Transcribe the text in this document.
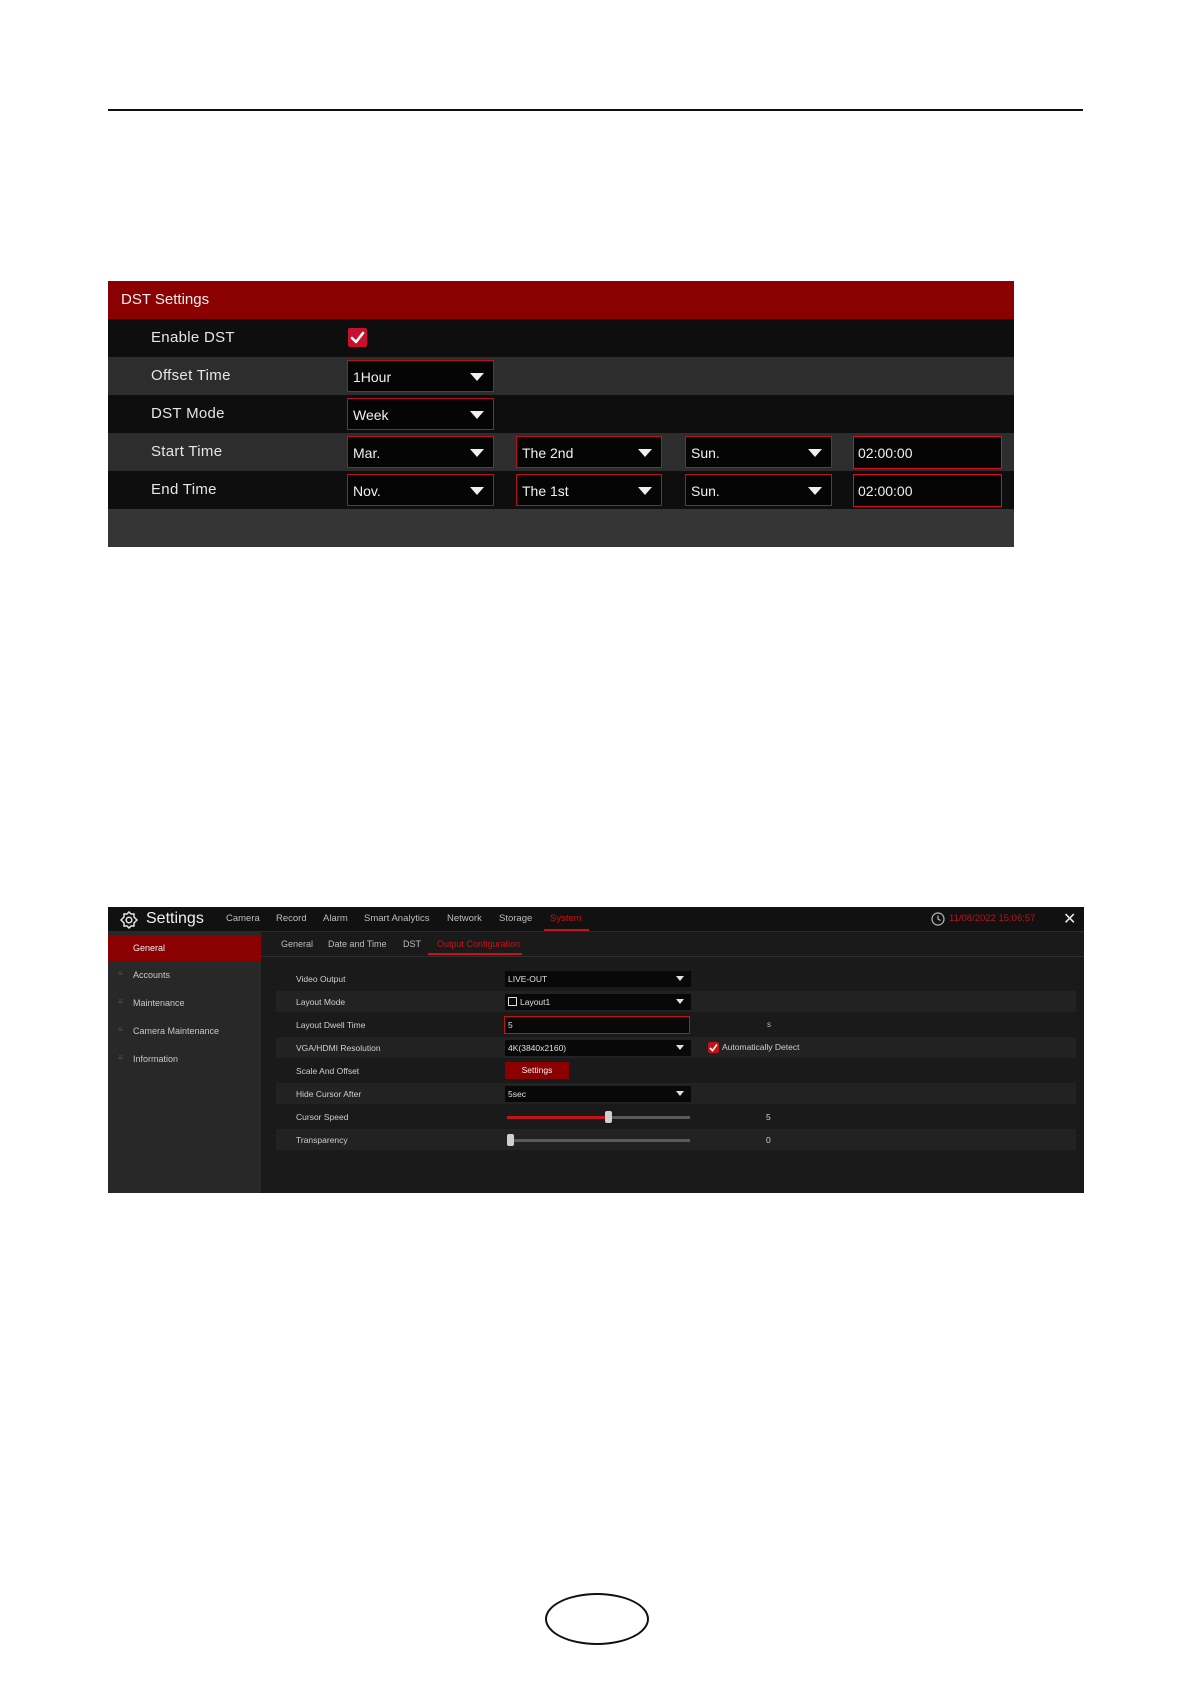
DST Settings
Enable DST
Offset Time	1Hour
DST Mode	Week
Start Time	Mar.	The 2nd	Sun.	02:00:00
End Time	Nov.	The 1st	Sun.	02:00:00
Settings Camera Record Alarm Smart Analytics Network Storage System	11/08/2022 15:06:57 ✕
General
≡ Accounts
≡ Maintenance
≡ Camera Maintenance
≡ Information
General Date and Time DST Output Configuration
Video Output	LIVE-OUT
Layout Mode	Layout1
Layout Dwell Time	5	s
VGA/HDMI Resolution	4K(3840x2160)	Automatically Detect
Scale And Offset	Settings
Hide Cursor After	5sec
Cursor Speed	5
Transparency	0
